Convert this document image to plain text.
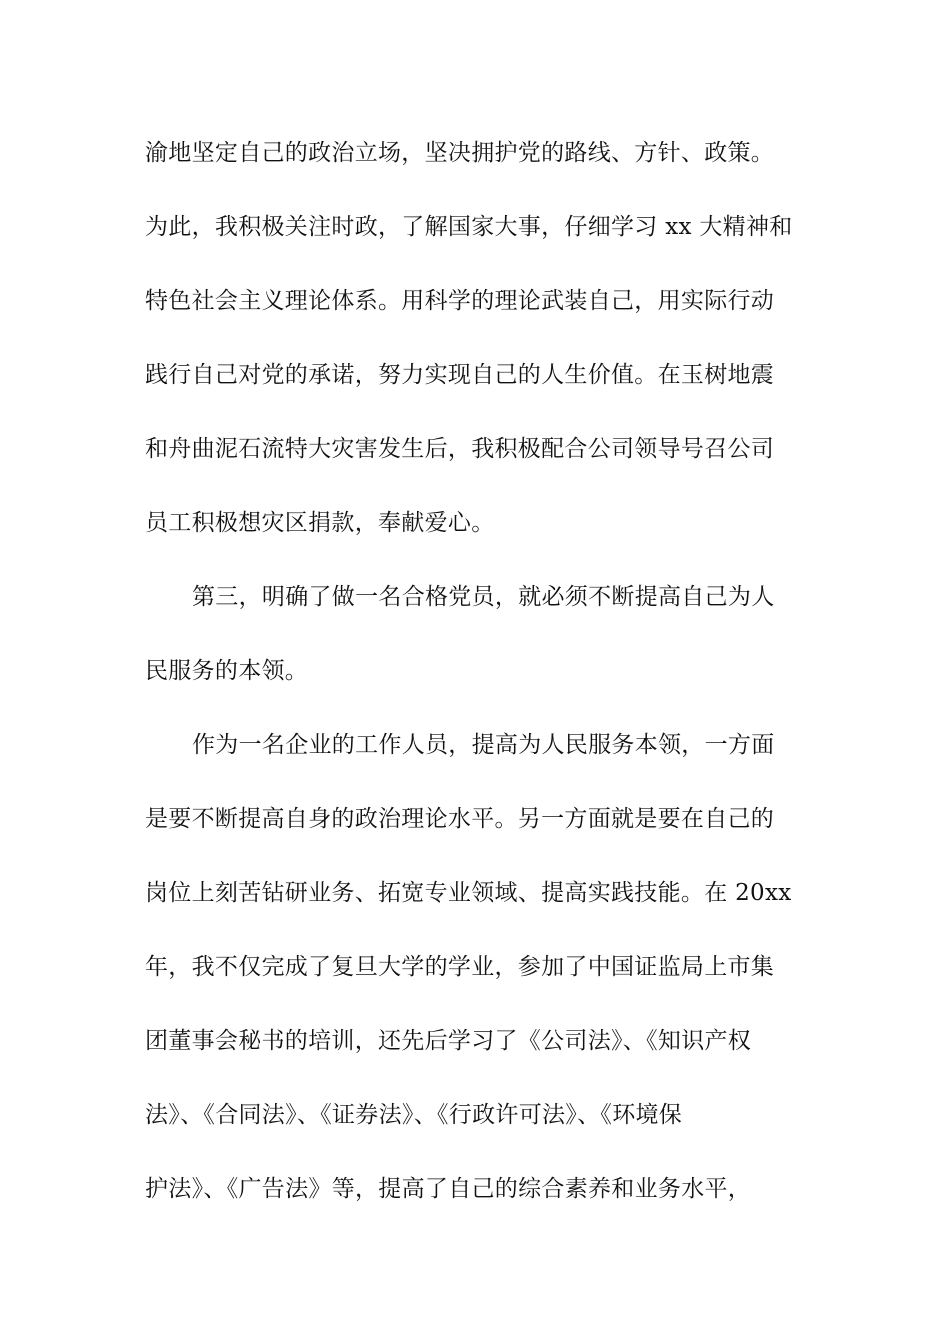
渝地坚定自己的政治立场，坚决拥护党的路线、方针、政策。
为此，我积极关注时政，了解国家大事，仔细学习 xx 大精神和
特色社会主义理论体系。用科学的理论武装自己，用实际行动
践行自己对党的承诺，努力实现自己的人生价值。在玉树地震
和舟曲泥石流特大灾害发生后，我积极配合公司领导号召公司
员工积极想灾区捐款，奉献爱心。
第三，明确了做一名合格党员，就必须不断提高自己为人
民服务的本领。
作为一名企业的工作人员，提高为人民服务本领，一方面
是要不断提高自身的政治理论水平。另一方面就是要在自己的
岗位上刻苦钻研业务、拓宽专业领域、提高实践技能。在 20xx
年，我不仅完成了复旦大学的学业，参加了中国证监局上市集
团董事会秘书的培训，还先后学习了《公司法》、《知识产权
法》、《合同法》、《证券法》、《行政许可法》、《环境保
护法》、《广告法》等，提高了自己的综合素养和业务水平，
